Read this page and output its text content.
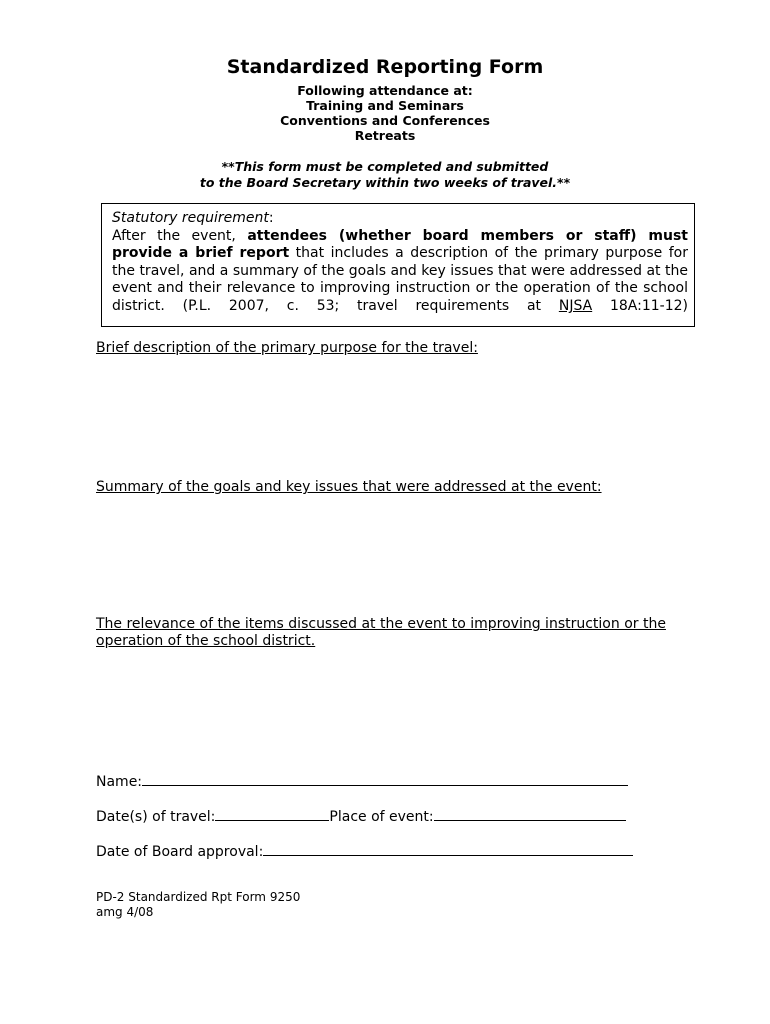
Standardized Reporting Form
Following attendance at:
Training and Seminars
Conventions and Conferences
Retreats
**This form must be completed and submitted
to the Board Secretary within two weeks of travel.**
Statutory requirement:
After the event, attendees (whether board members or staff) must provide a brief report that includes a description of the primary purpose for the travel, and a summary of the goals and key issues that were addressed at the event and their relevance to improving instruction or the operation of the school district. (P.L. 2007, c. 53; travel requirements at NJSA 18A:11-12)
Brief description of the primary purpose for the travel:
Summary of the goals and key issues that were addressed at the event:
The relevance of the items discussed at the event to improving instruction or the
operation of the school district.
Name:
Date(s) of travel:	Place of event:
Date of Board approval:
PD-2 Standardized Rpt Form 9250
amg 4/08
